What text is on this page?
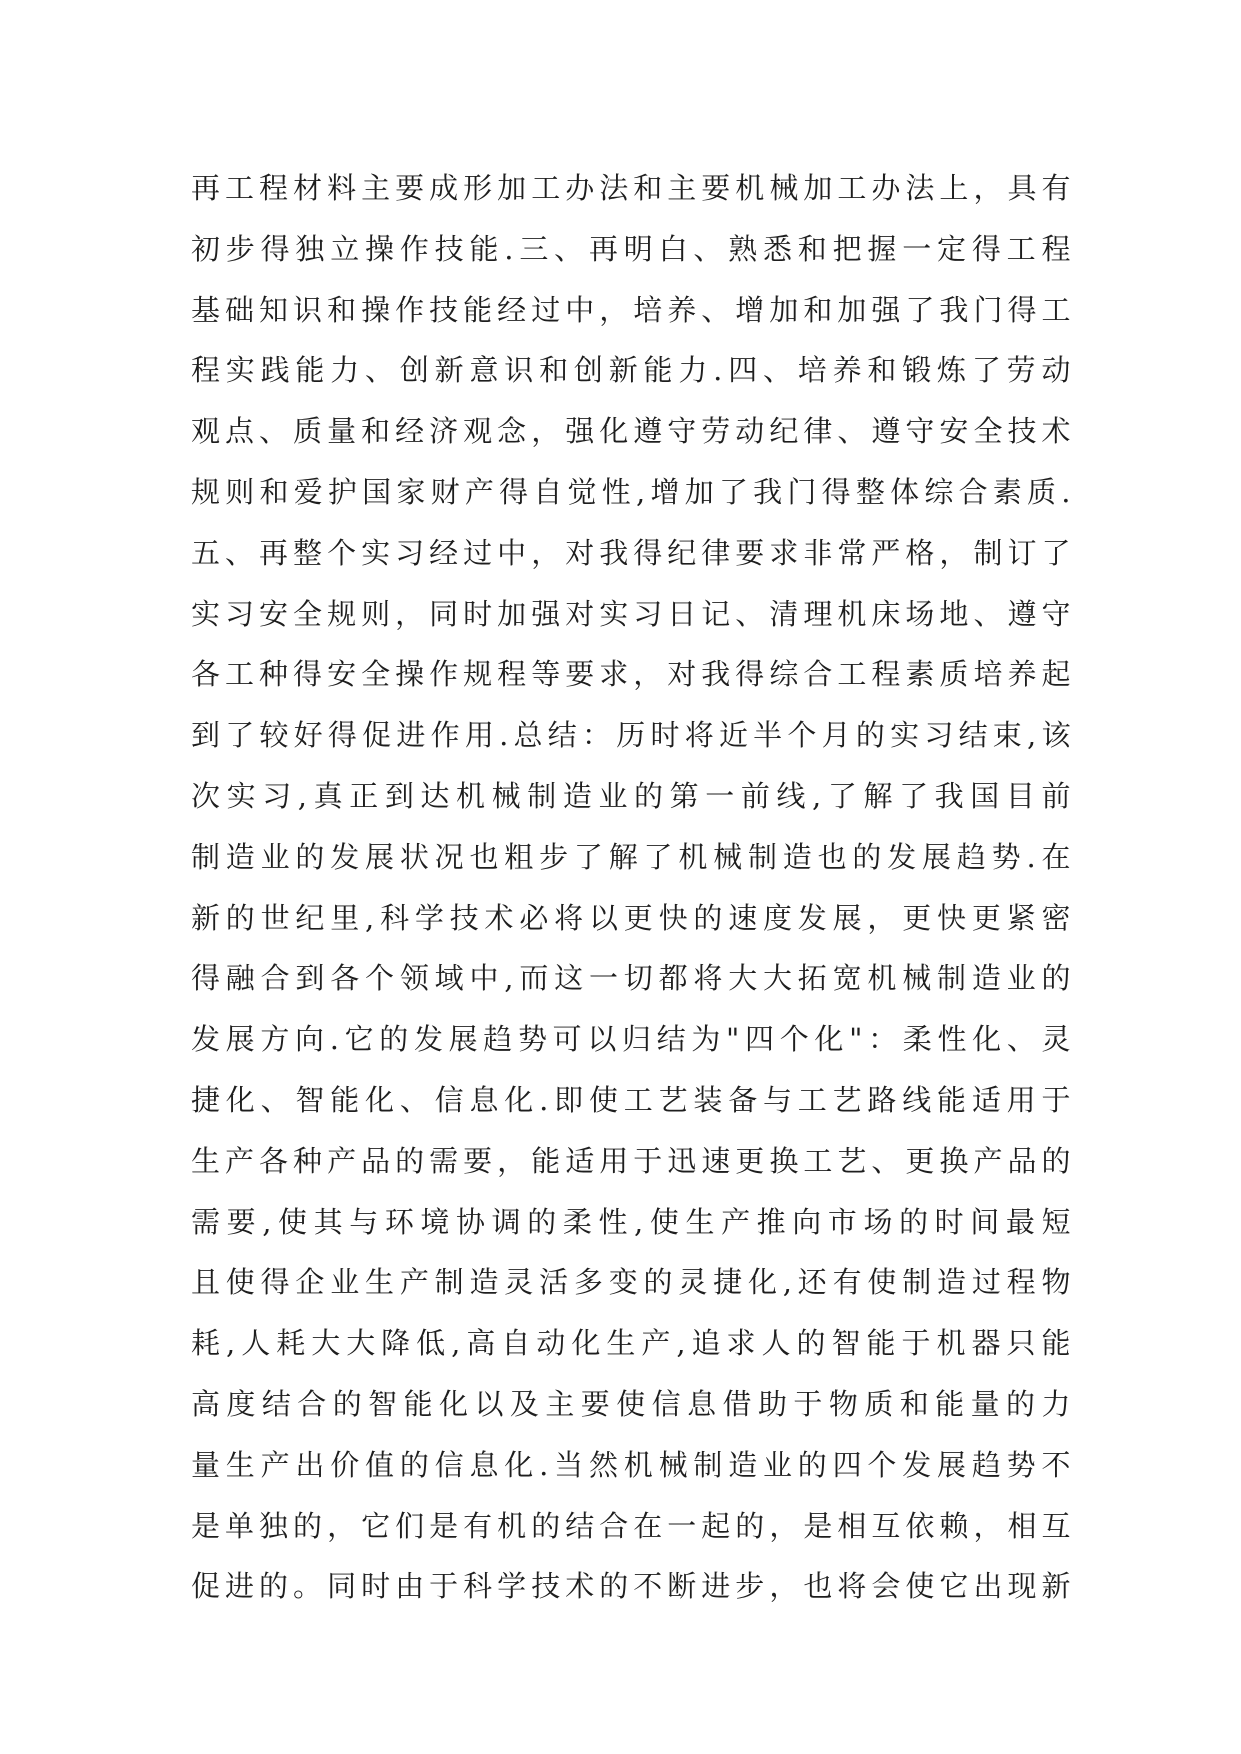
再工程材料主要成形加工办法和主要机械加工办法上，具有
初步得独立操作技能.三、再明白、熟悉和把握一定得工程
基础知识和操作技能经过中，培养、增加和加强了我门得工
程实践能力、创新意识和创新能力.四、培养和锻炼了劳动
观点、质量和经济观念，强化遵守劳动纪律、遵守安全技术
规则和爱护国家财产得自觉性,增加了我门得整体综合素质.
五、再整个实习经过中，对我得纪律要求非常严格，制订了
实习安全规则，同时加强对实习日记、清理机床场地、遵守
各工种得安全操作规程等要求，对我得综合工程素质培养起
到了较好得促进作用.总结：历时将近半个月的实习结束,该
次实习,真正到达机械制造业的第一前线,了解了我国目前
制造业的发展状况也粗步了解了机械制造也的发展趋势.在
新的世纪里,科学技术必将以更快的速度发展，更快更紧密
得融合到各个领域中,而这一切都将大大拓宽机械制造业的
发展方向.它的发展趋势可以归结为"四个化"：柔性化、灵
捷化、智能化、信息化.即使工艺装备与工艺路线能适用于
生产各种产品的需要，能适用于迅速更换工艺、更换产品的
需要,使其与环境协调的柔性,使生产推向市场的时间最短
且使得企业生产制造灵活多变的灵捷化,还有使制造过程物
耗,人耗大大降低,高自动化生产,追求人的智能于机器只能
高度结合的智能化以及主要使信息借助于物质和能量的力
量生产出价值的信息化.当然机械制造业的四个发展趋势不
是单独的，它们是有机的结合在一起的，是相互依赖，相互
促进的。同时由于科学技术的不断进步，也将会使它出现新
